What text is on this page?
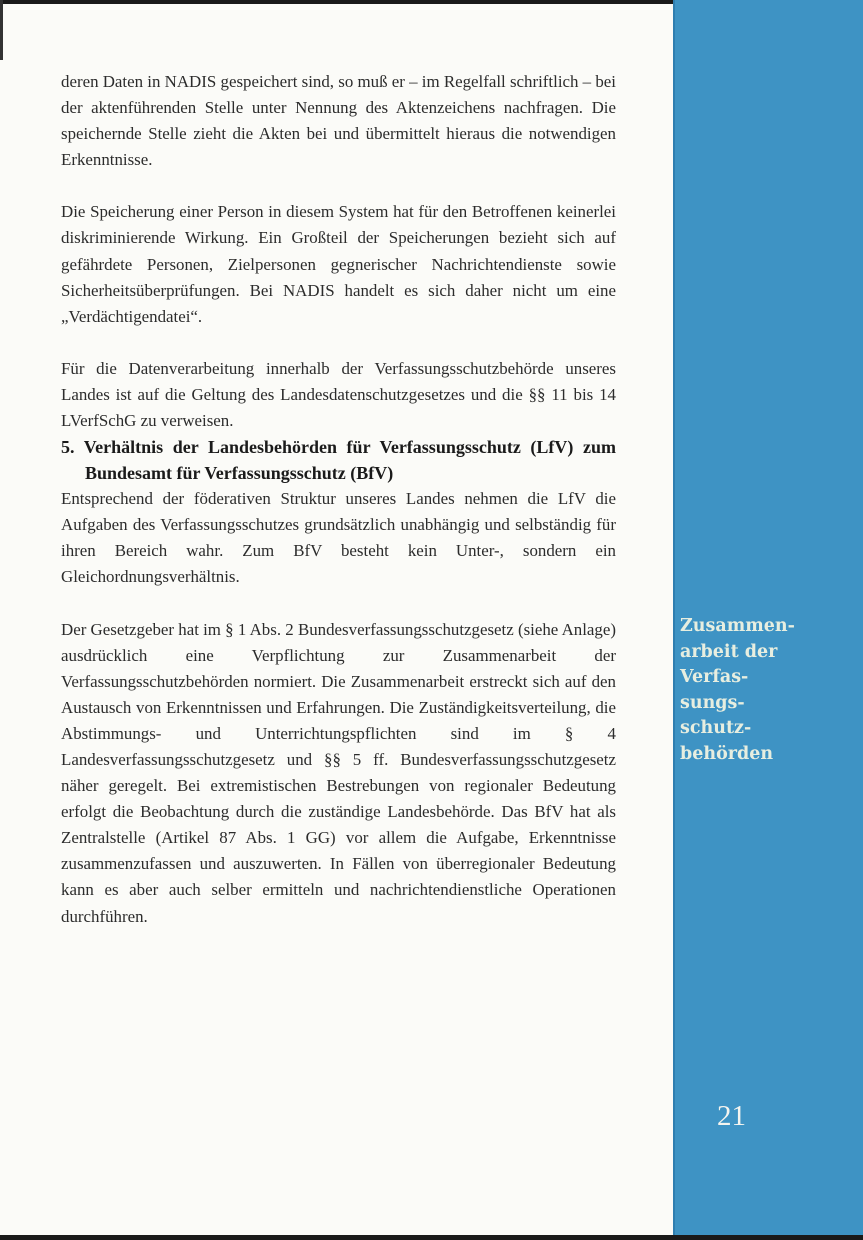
deren Daten in NADIS gespeichert sind, so muß er – im Regelfall schriftlich – bei der aktenführenden Stelle unter Nennung des Aktenzeichens nachfragen. Die speichernde Stelle zieht die Akten bei und übermittelt hieraus die notwendigen Erkenntnisse.

Die Speicherung einer Person in diesem System hat für den Betroffenen keinerlei diskriminierende Wirkung. Ein Großteil der Speicherungen bezieht sich auf gefährdete Personen, Zielpersonen gegnerischer Nachrichtendienste sowie Sicherheitsüberprüfungen. Bei NADIS handelt es sich daher nicht um eine „Verdächtigendatei“.

Für die Datenverarbeitung innerhalb der Verfassungsschutzbehörde unseres Landes ist auf die Geltung des Landesdatenschutzgesetzes und die §§ 11 bis 14 LVerfSchG zu verweisen.

5. Verhältnis der Landesbehörden für Verfassungsschutz (LfV) zum Bundesamt für Verfassungsschutz (BfV)

Entsprechend der föderativen Struktur unseres Landes nehmen die LfV die Aufgaben des Verfassungsschutzes grundsätzlich unabhängig und selbständig für ihren Bereich wahr. Zum BfV besteht kein Unter-, sondern ein Gleichordnungsverhältnis.

Der Gesetzgeber hat im § 1 Abs. 2 Bundesverfassungsschutzgesetz (siehe Anlage) ausdrücklich eine Verpflichtung zur Zusammenarbeit der Verfassungsschutzbehörden normiert. Die Zusammenarbeit erstreckt sich auf den Austausch von Erkenntnissen und Erfahrungen. Die Zuständigkeitsverteilung, die Abstimmungs- und Unterrichtungspflichten sind im § 4 Landesverfassungsschutzgesetz und §§ 5 ff. Bundesverfassungsschutzgesetz näher geregelt. Bei extremistischen Bestrebungen von regionaler Bedeutung erfolgt die Beobachtung durch die zuständige Landesbehörde. Das BfV hat als Zentralstelle (Artikel 87 Abs. 1 GG) vor allem die Aufgabe, Erkenntnisse zusammenzufassen und auszuwerten. In Fällen von überregionaler Bedeutung kann es aber auch selber ermitteln und nachrichtendienstliche Operationen durchführen.

Zusammen-
arbeit der
Verfas-
sungs-
schutz-
behörden
21
